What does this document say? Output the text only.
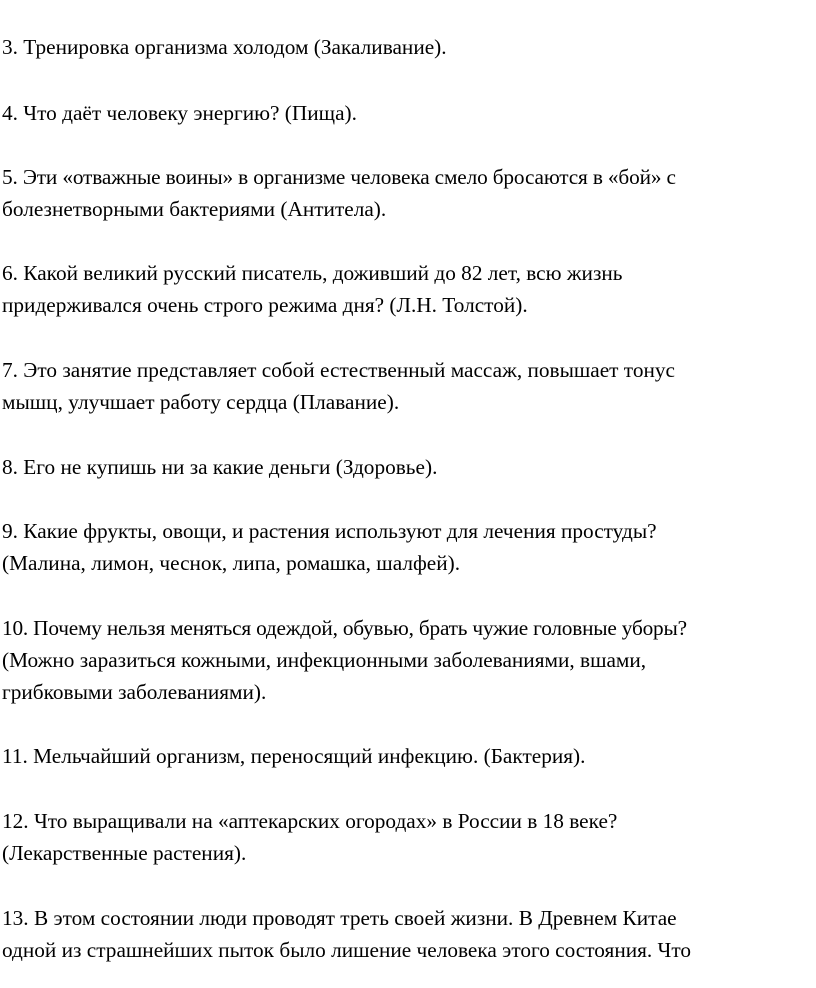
3. Тренировка организма холодом (Закаливание).

4. Что даёт человеку энергию? (Пища).

5. Эти «отважные воины» в организме человека смело бросаются в «бой» с
болезнетворными бактериями (Антитела).

6. Какой великий русский писатель, доживший до 82 лет, всю жизнь
придерживался очень строго режима дня? (Л.Н. Толстой).

7. Это занятие представляет собой естественный массаж, повышает тонус
мышц, улучшает работу сердца (Плавание).

8. Его не купишь ни за какие деньги (Здоровье).

9. Какие фрукты, овощи, и растения используют для лечения простуды?
(Малина, лимон, чеснок, липа, ромашка, шалфей).

10. Почему нельзя меняться одеждой, обувью, брать чужие головные уборы?
(Можно заразиться кожными, инфекционными заболеваниями, вшами,
грибковыми заболеваниями).

11. Мельчайший организм, переносящий инфекцию. (Бактерия).

12. Что выращивали на «аптекарских огородах» в России в 18 веке?
(Лекарственные растения).

13. В этом состоянии люди проводят треть своей жизни. В Древнем Китае
одной из страшнейших пыток было лишение человека этого состояния. Что
